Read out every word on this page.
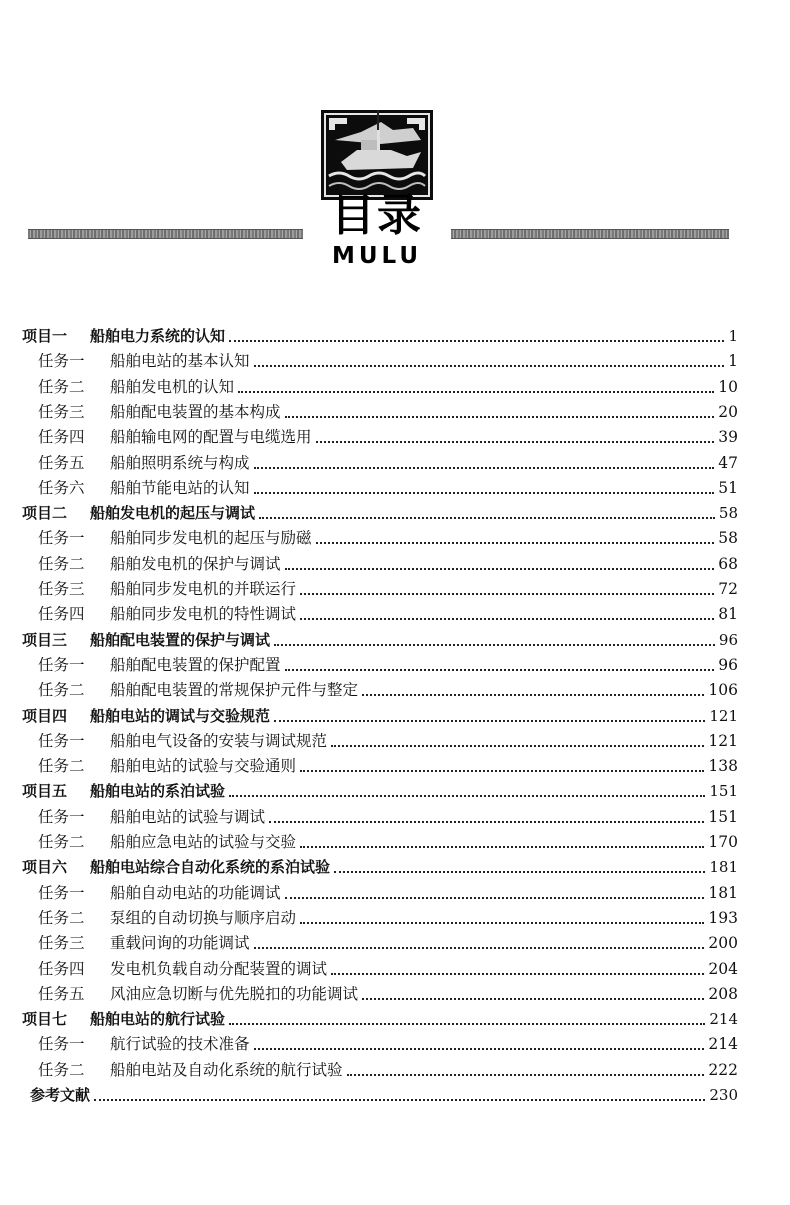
目录
MULU
项目一	船舶电力系统的认知	1
任务一	船舶电站的基本认知	1
任务二	船舶发电机的认知	10
任务三	船舶配电装置的基本构成	20
任务四	船舶输电网的配置与电缆选用	39
任务五	船舶照明系统与构成	47
任务六	船舶节能电站的认知	51
项目二	船舶发电机的起压与调试	58
任务一	船舶同步发电机的起压与励磁	58
任务二	船舶发电机的保护与调试	68
任务三	船舶同步发电机的并联运行	72
任务四	船舶同步发电机的特性调试	81
项目三	船舶配电装置的保护与调试	96
任务一	船舶配电装置的保护配置	96
任务二	船舶配电装置的常规保护元件与整定	106
项目四	船舶电站的调试与交验规范	121
任务一	船舶电气设备的安装与调试规范	121
任务二	船舶电站的试验与交验通则	138
项目五	船舶电站的系泊试验	151
任务一	船舶电站的试验与调试	151
任务二	船舶应急电站的试验与交验	170
项目六	船舶电站综合自动化系统的系泊试验	181
任务一	船舶自动电站的功能调试	181
任务二	泵组的自动切换与顺序启动	193
任务三	重载问询的功能调试	200
任务四	发电机负载自动分配装置的调试	204
任务五	风油应急切断与优先脱扣的功能调试	208
项目七	船舶电站的航行试验	214
任务一	航行试验的技术准备	214
任务二	船舶电站及自动化系统的航行试验	222
参考文献	230
